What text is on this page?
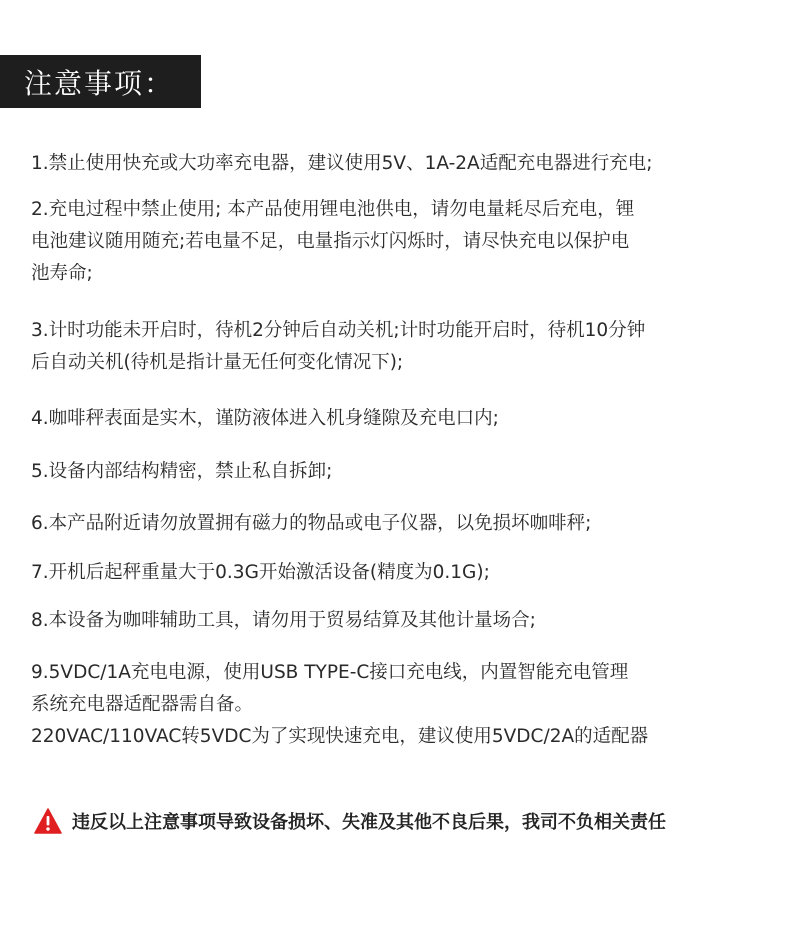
注意事项：
1.禁止使用快充或大功率充电器，建议使用5V、1A-2A适配充电器进行充电;
2.充电过程中禁止使用; 本产品使用锂电池供电，请勿电量耗尽后充电，锂
电池建议随用随充;若电量不足，电量指示灯闪烁时，请尽快充电以保护电
池寿命;
3.计时功能未开启时，待机2分钟后自动关机;计时功能开启时，待机10分钟
后自动关机(待机是指计量无任何变化情况下);
4.咖啡秤表面是实木，谨防液体进入机身缝隙及充电口内;
5.设备内部结构精密，禁止私自拆卸;
6.本产品附近请勿放置拥有磁力的物品或电子仪器，以免损坏咖啡秤;
7.开机后起秤重量大于0.3G开始激活设备(精度为0.1G);
8.本设备为咖啡辅助工具，请勿用于贸易结算及其他计量场合;
9.5VDC/1A充电电源，使用USB TYPE-C接口充电线，内置智能充电管理
系统充电器适配器需自备。
220VAC/110VAC转5VDC为了实现快速充电，建议使用5VDC/2A的适配器
违反以上注意事项导致设备损坏、失准及其他不良后果，我司不负相关责任
